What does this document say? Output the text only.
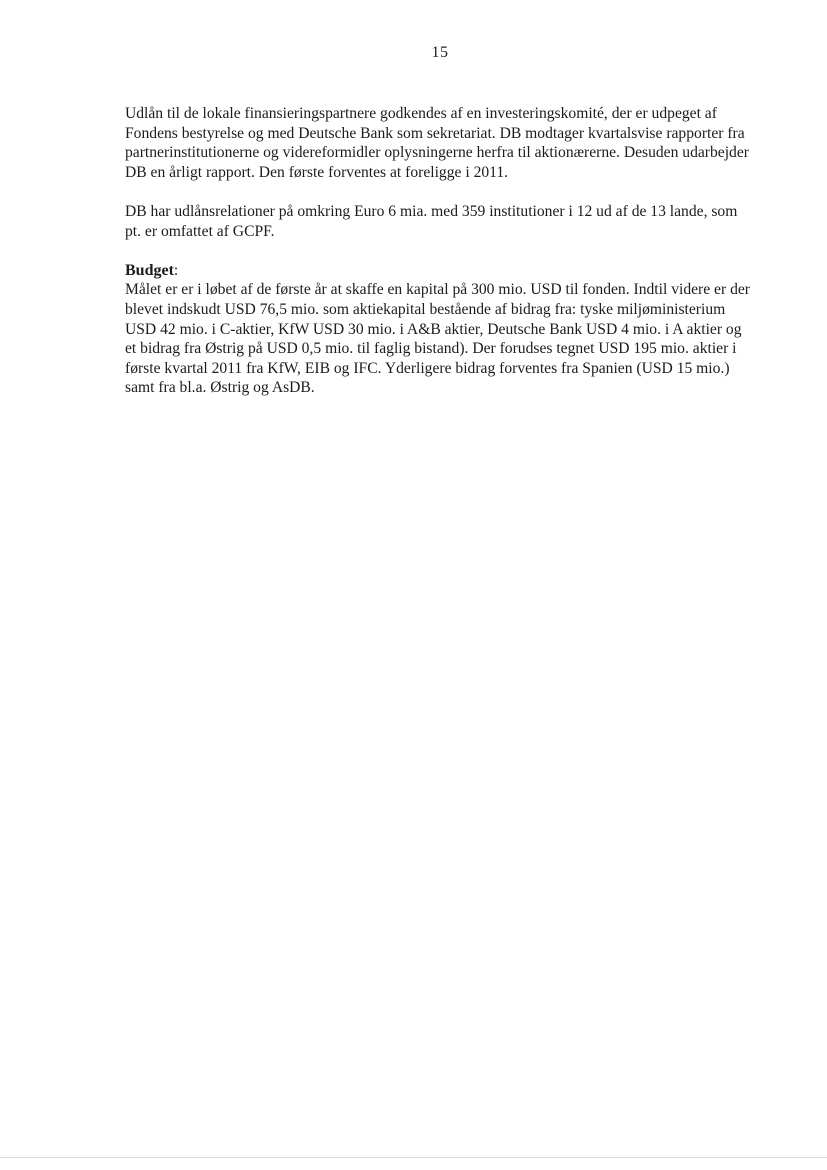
15

Udlån til de lokale finansieringspartnere godkendes af en investeringskomité, der er udpeget af Fondens bestyrelse og med Deutsche Bank som sekretariat. DB modtager kvartalsvise rapporter fra partnerinstitutionerne og videreformidler oplysningerne herfra til aktionærerne. Desuden udarbejder DB en årligt rapport. Den første forventes at foreligge i 2011.

DB har udlånsrelationer på omkring Euro 6 mia. med 359 institutioner i 12 ud af de 13 lande, som pt. er omfattet af GCPF.

Budget:

Målet er er i løbet af de første år at skaffe en kapital på 300 mio. USD til fonden. Indtil videre er der blevet indskudt USD 76,5 mio. som aktiekapital bestående af bidrag fra: tyske miljøministerium USD 42 mio. i C-aktier, KfW USD 30 mio. i A&B aktier, Deutsche Bank USD 4 mio. i A aktier og et bidrag fra Østrig på USD 0,5 mio. til faglig bistand). Der forudses tegnet USD 195 mio. aktier i første kvartal 2011 fra KfW, EIB og IFC. Yderligere bidrag forventes fra Spanien (USD 15 mio.) samt fra bl.a. Østrig og AsDB.
